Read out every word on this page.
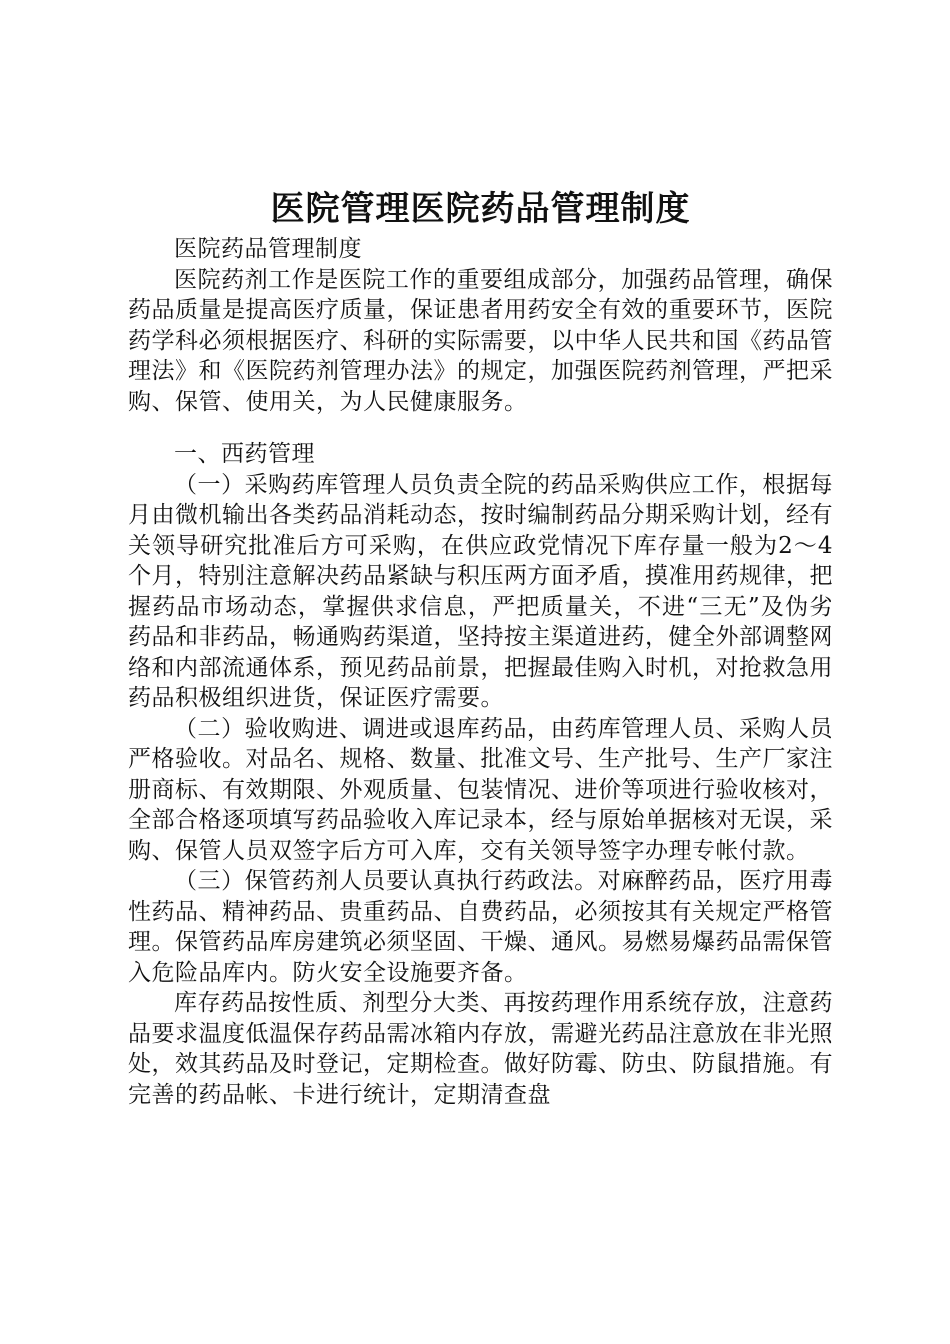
医院管理医院药品管理制度

医院药品管理制度

医院药剂工作是医院工作的重要组成部分，加强药品管理，确保药品质量是提高医疗质量，保证患者用药安全有效的重要环节，医院药学科必须根据医疗、科研的实际需要，以中华人民共和国《药品管理法》和《医院药剂管理办法》的规定，加强医院药剂管理，严把采购、保管、使用关，为人民健康服务。

一、西药管理

（一）采购药库管理人员负责全院的药品采购供应工作，根据每月由微机输出各类药品消耗动态，按时编制药品分期采购计划，经有关领导研究批准后方可采购，在供应政党情况下库存量一般为2～4个月，特别注意解决药品紧缺与积压两方面矛盾，摸准用药规律，把握药品市场动态，掌握供求信息，严把质量关，不进“三无”及伪劣药品和非药品，畅通购药渠道，坚持按主渠道进药，健全外部调整网络和内部流通体系，预见药品前景，把握最佳购入时机，对抢救急用药品积极组织进货，保证医疗需要。

（二）验收购进、调进或退库药品，由药库管理人员、采购人员严格验收。对品名、规格、数量、批准文号、生产批号、生产厂家注册商标、有效期限、外观质量、包装情况、进价等项进行验收核对，全部合格逐项填写药品验收入库记录本，经与原始单据核对无误，采购、保管人员双签字后方可入库，交有关领导签字办理专帐付款。

（三）保管药剂人员要认真执行药政法。对麻醉药品，医疗用毒性药品、精神药品、贵重药品、自费药品，必须按其有关规定严格管理。保管药品库房建筑必须坚固、干燥、通风。易燃易爆药品需保管入危险品库内。防火安全设施要齐备。

库存药品按性质、剂型分大类、再按药理作用系统存放，注意药品要求温度低温保存药品需冰箱内存放，需避光药品注意放在非光照处，效其药品及时登记，定期检查。做好防霉、防虫、防鼠措施。有完善的药品帐、卡进行统计，定期清查盘
